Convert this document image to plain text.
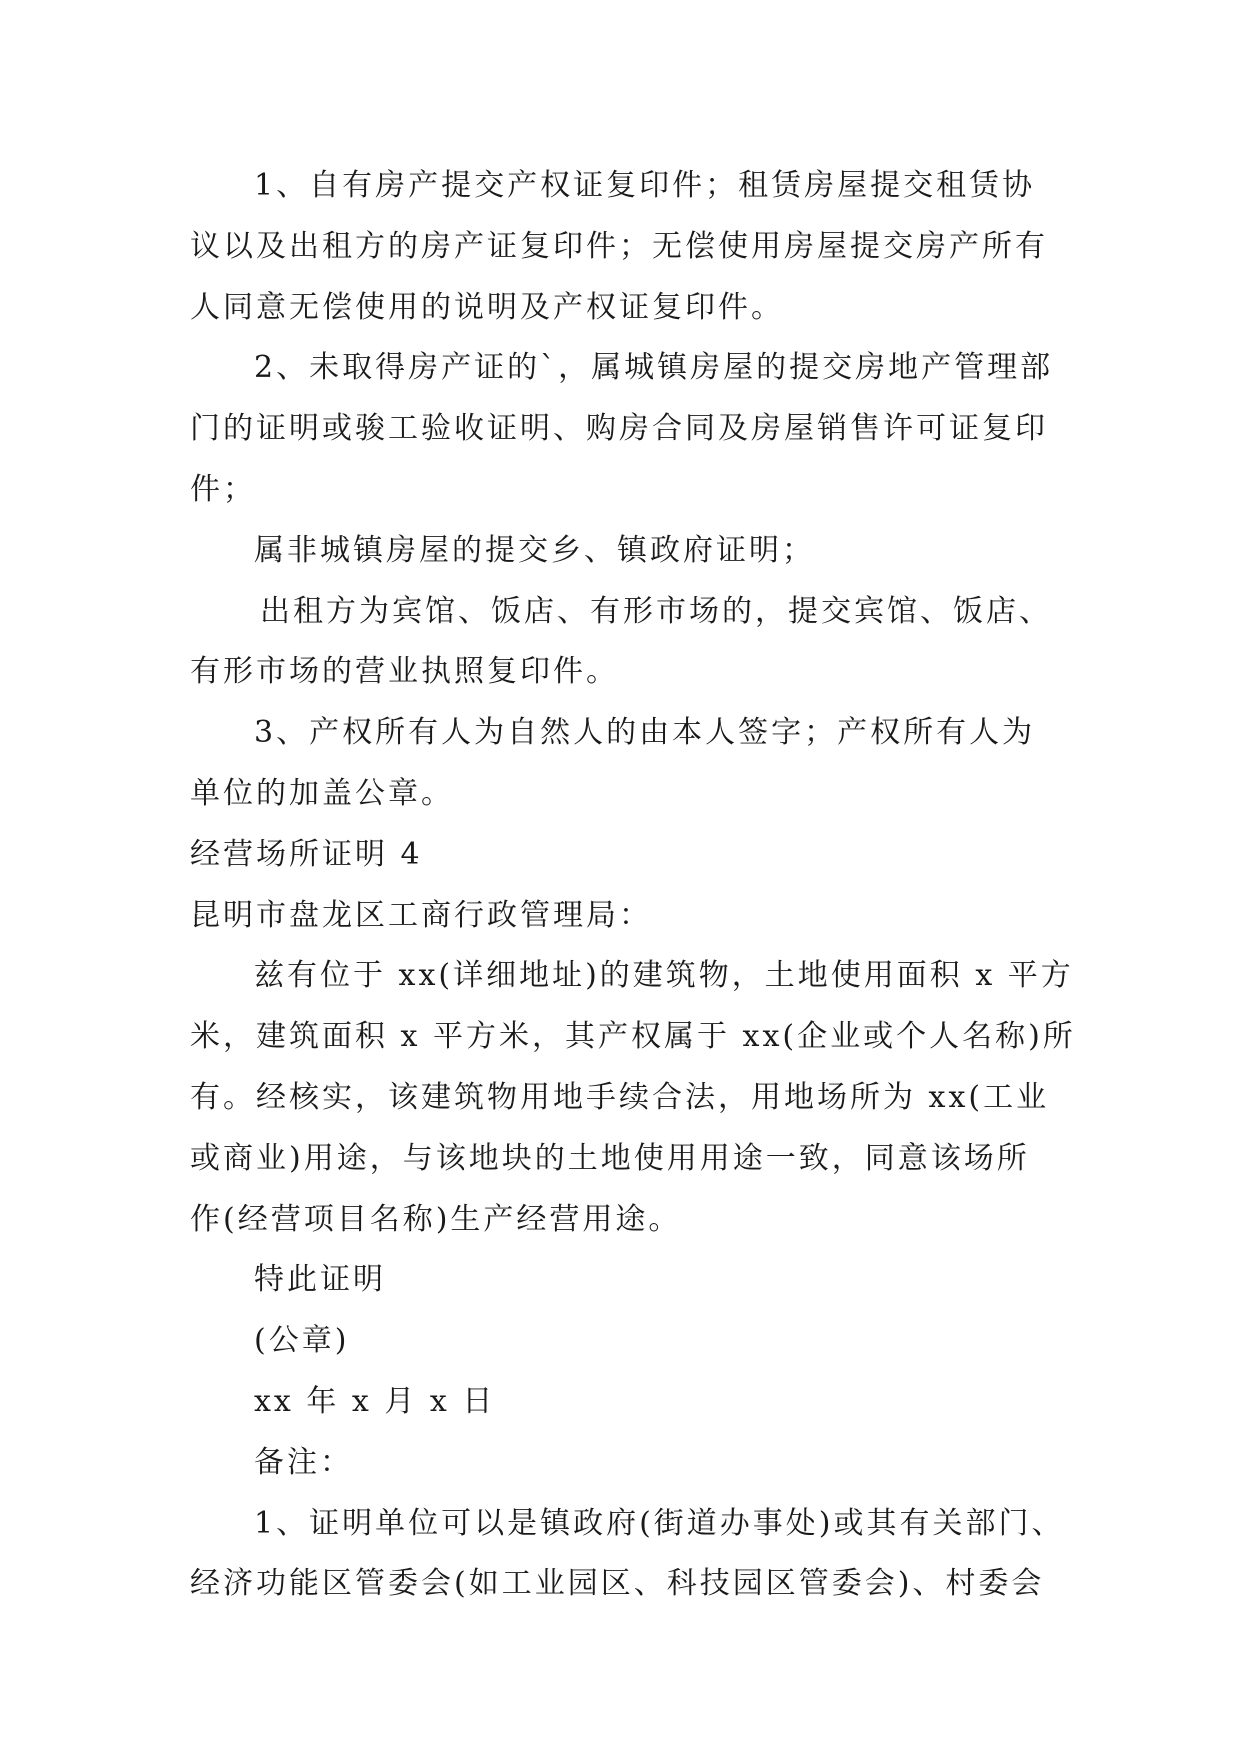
1、自有房产提交产权证复印件；租赁房屋提交租赁协
议以及出租方的房产证复印件；无偿使用房屋提交房产所有
人同意无偿使用的说明及产权证复印件。
2、未取得房产证的`，属城镇房屋的提交房地产管理部
门的证明或骏工验收证明、购房合同及房屋销售许可证复印
件；
属非城镇房屋的提交乡、镇政府证明；
出租方为宾馆、饭店、有形市场的，提交宾馆、饭店、
有形市场的营业执照复印件。
3、产权所有人为自然人的由本人签字；产权所有人为
单位的加盖公章。
经营场所证明 4
昆明市盘龙区工商行政管理局：
兹有位于 xx(详细地址)的建筑物，土地使用面积 x 平方
米，建筑面积 x 平方米，其产权属于 xx(企业或个人名称)所
有。经核实，该建筑物用地手续合法，用地场所为 xx(工业
或商业)用途，与该地块的土地使用用途一致，同意该场所
作(经营项目名称)生产经营用途。
特此证明
(公章)
xx 年 x 月 x 日
备注：
1、证明单位可以是镇政府(街道办事处)或其有关部门、
经济功能区管委会(如工业园区、科技园区管委会)、村委会
